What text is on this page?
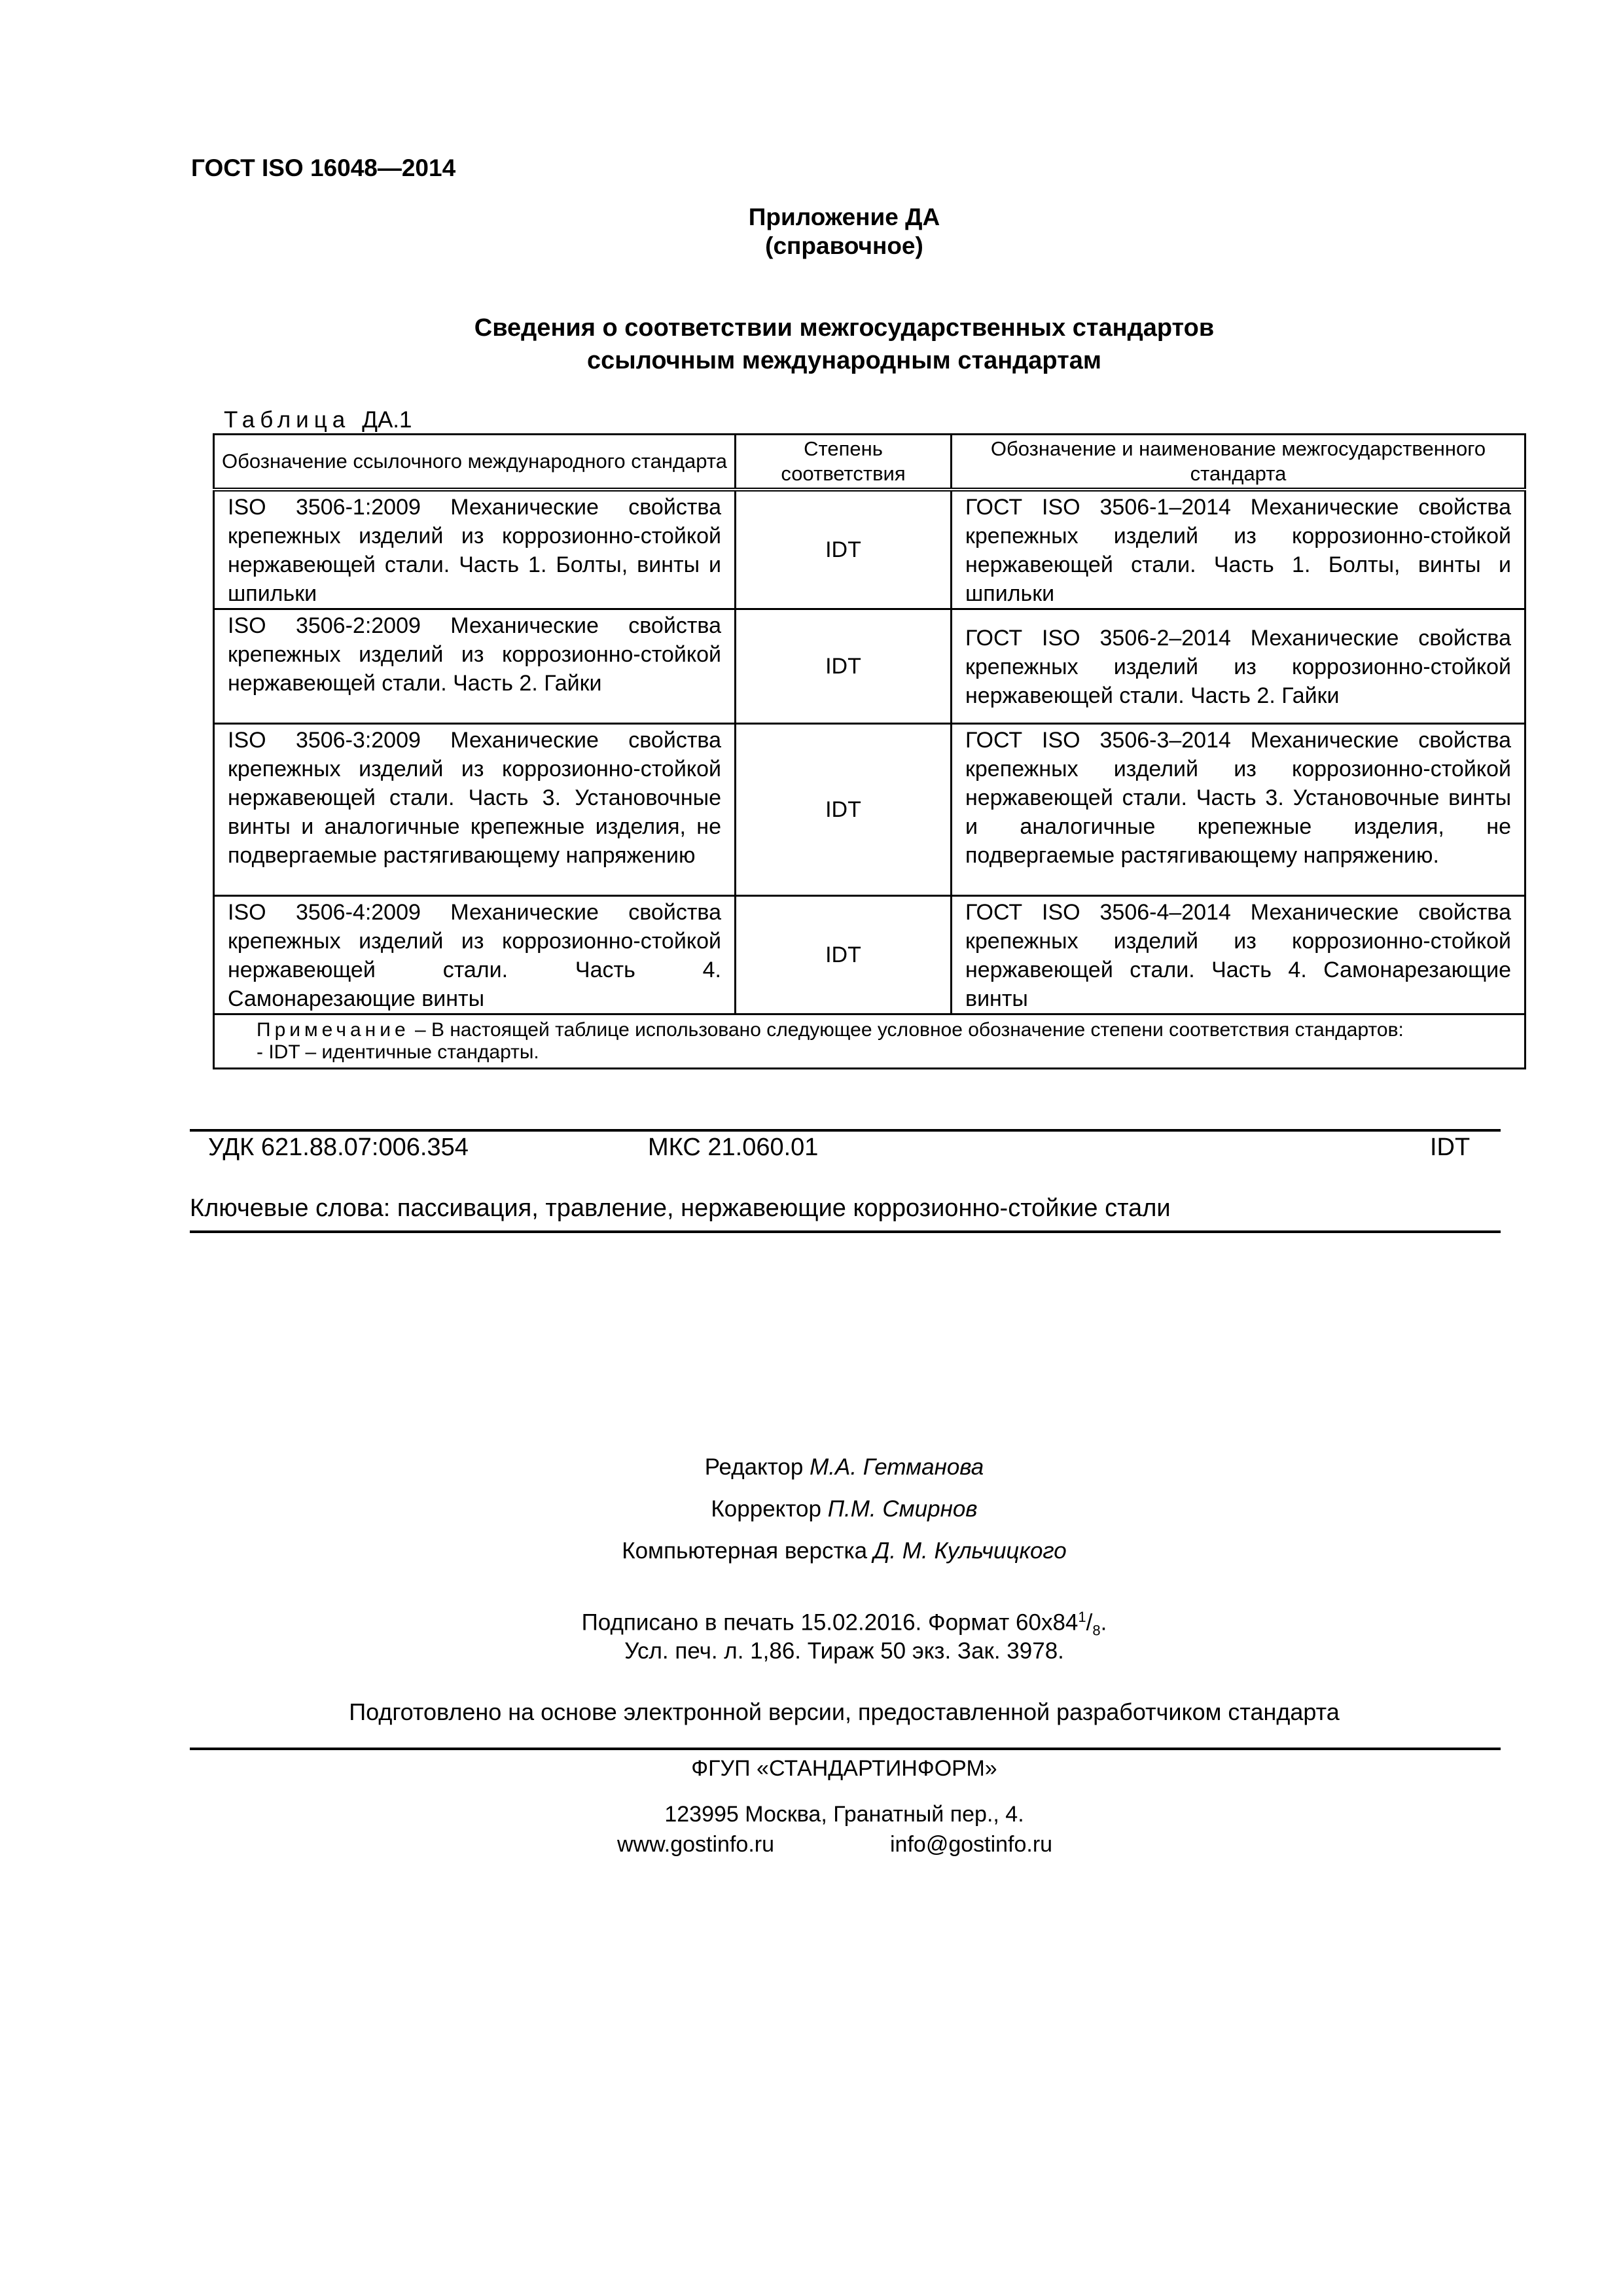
ГОСТ ISO 16048—2014
Приложение ДА
(справочное)
Сведения о соответствии межгосударственных стандартов
ссылочным международным стандартам
Таблица ДА.1
Обозначение ссылочного международного стандарта	Степень соответствия	Обозначение и наименование межгосударственного стандарта
ISO 3506-1:2009 Механические свойства крепежных изделий из коррозионно-стойкой нержавеющей стали. Часть 1. Болты, винты и шпильки	IDT	ГОСТ ISO 3506-1–2014 Механические свойства крепежных изделий из коррозионно-стойкой нержавеющей стали. Часть 1. Болты, винты и шпильки
ISO 3506-2:2009 Механические свойства крепежных изделий из коррозионно-стойкой нержавеющей стали. Часть 2. Гайки	IDT	ГОСТ ISO 3506-2–2014 Механические свойства крепежных изделий из коррозионно-стойкой нержавеющей стали. Часть 2. Гайки
ISO 3506-3:2009 Механические свойства крепежных изделий из коррозионно-стойкой нержавеющей стали. Часть 3. Установочные винты и аналогичные крепежные изделия, не подвергаемые растягивающему напряжению	IDT	ГОСТ ISO 3506-3–2014 Механические свойства крепежных изделий из коррозионно-стойкой нержавеющей стали. Часть 3. Установочные винты и аналогичные крепежные изделия, не подвергаемые растягивающему напряжению.
ISO 3506-4:2009 Механические свойства крепежных изделий из коррозионно-стойкой нержавеющей стали. Часть 4. Самонарезающие винты	IDT	ГОСТ ISO 3506-4–2014 Механические свойства крепежных изделий из коррозионно-стойкой нержавеющей стали. Часть 4. Самонарезающие винты
Примечание – В настоящей таблице использовано следующее условное обозначение степени соответствия стандартов:
- IDT – идентичные стандарты.		
УДК 621.88.07:006.354	МКС 21.060.01	IDT
Ключевые слова: пассивация, травление, нержавеющие коррозионно-стойкие стали
Редактор М.А. Гетманова
Корректор П.М. Смирнов
Компьютерная верстка Д. М. Кульчицкого
Подписано в печать 15.02.2016. Формат $60x84^1/_8$.
Усл. печ. л. 1,86. Тираж 50 экз. Зак. 3978.
Подготовлено на основе электронной версии, предоставленной разработчиком стандарта
ФГУП «СТАНДАРТИНФОРМ»
123995 Москва, Гранатный пер., 4.
www.gostinfo.ru	info@gostinfo.ru
